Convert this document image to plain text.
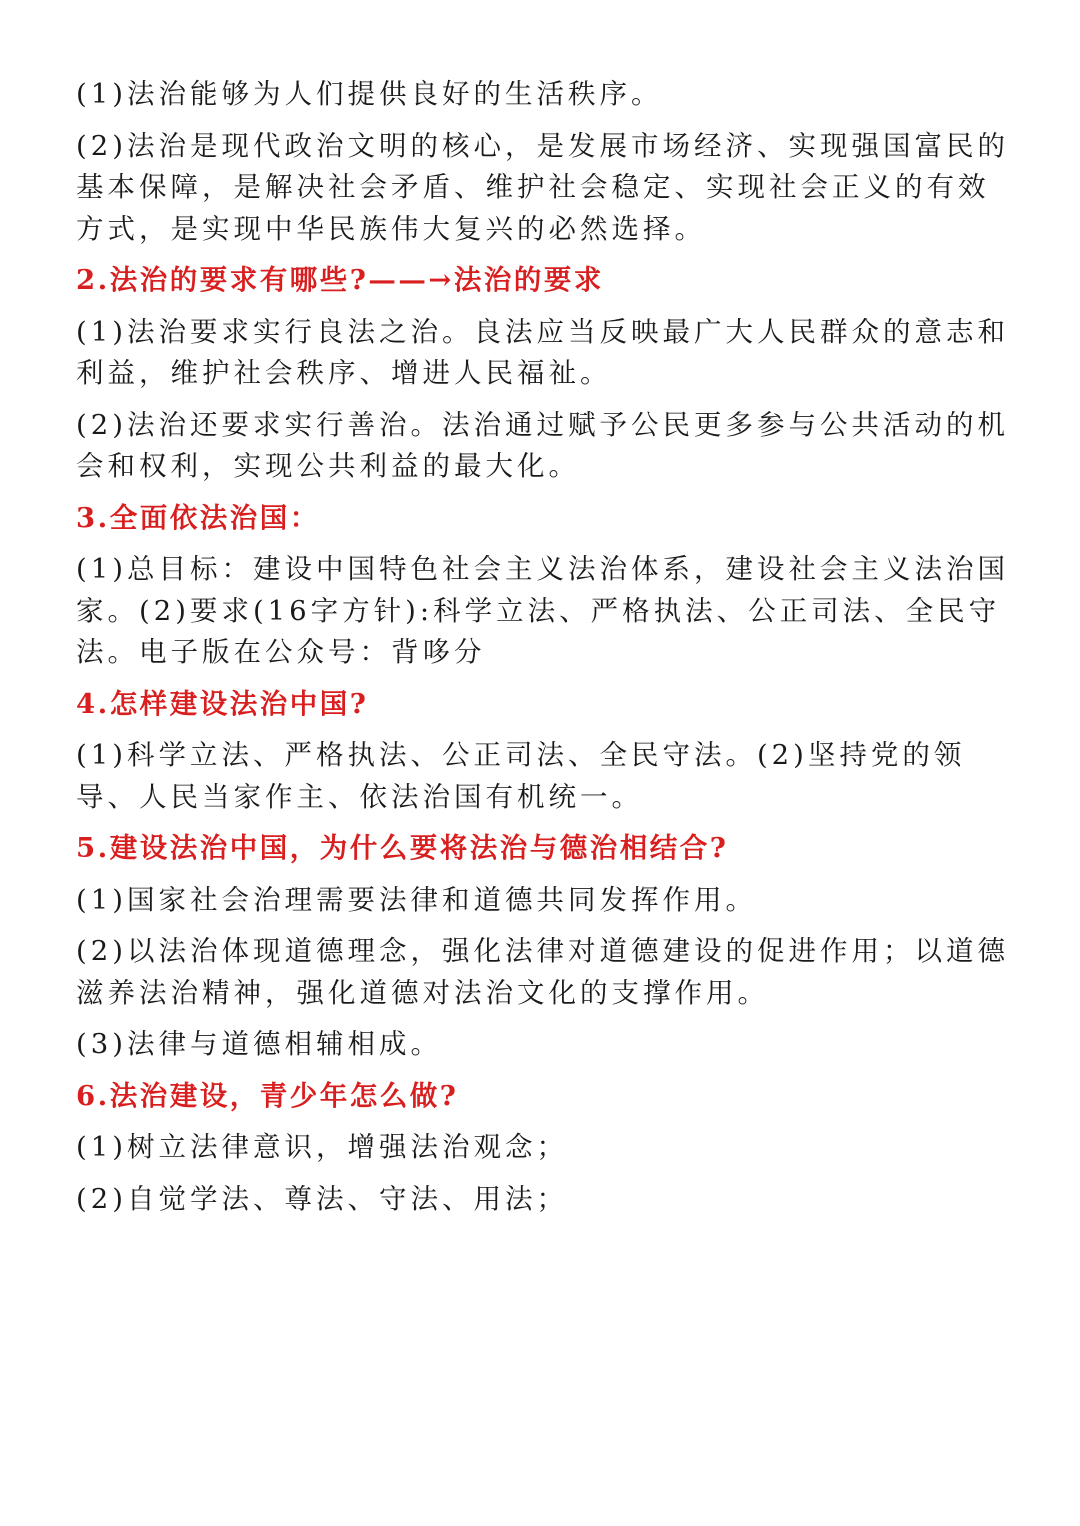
(1)法治能够为人们提供良好的生活秩序。

(2)法治是现代政治文明的核心，是发展市场经济、实现强国富民的基本保障，是解决社会矛盾、维护社会稳定、实现社会正义的有效方式，是实现中华民族伟大复兴的必然选择。

2.法治的要求有哪些?——→法治的要求

(1)法治要求实行良法之治。良法应当反映最广大人民群众的意志和利益，维护社会秩序、增进人民福祉。

(2)法治还要求实行善治。法治通过赋予公民更多参与公共活动的机会和权利，实现公共利益的最大化。

3.全面依法治国：

(1)总目标：建设中国特色社会主义法治体系，建设社会主义法治国家。(2)要求(16字方针):科学立法、严格执法、公正司法、全民守法。电子版在公众号：背哆分

4.怎样建设法治中国?

(1)科学立法、严格执法、公正司法、全民守法。(2)坚持党的领导、人民当家作主、依法治国有机统一。

5.建设法治中国，为什么要将法治与德治相结合?

(1)国家社会治理需要法律和道德共同发挥作用。

(2)以法治体现道德理念，强化法律对道德建设的促进作用；以道德滋养法治精神，强化道德对法治文化的支撑作用。

(3)法律与道德相辅相成。

6.法治建设，青少年怎么做?

(1)树立法律意识，增强法治观念；

(2)自觉学法、尊法、守法、用法；
